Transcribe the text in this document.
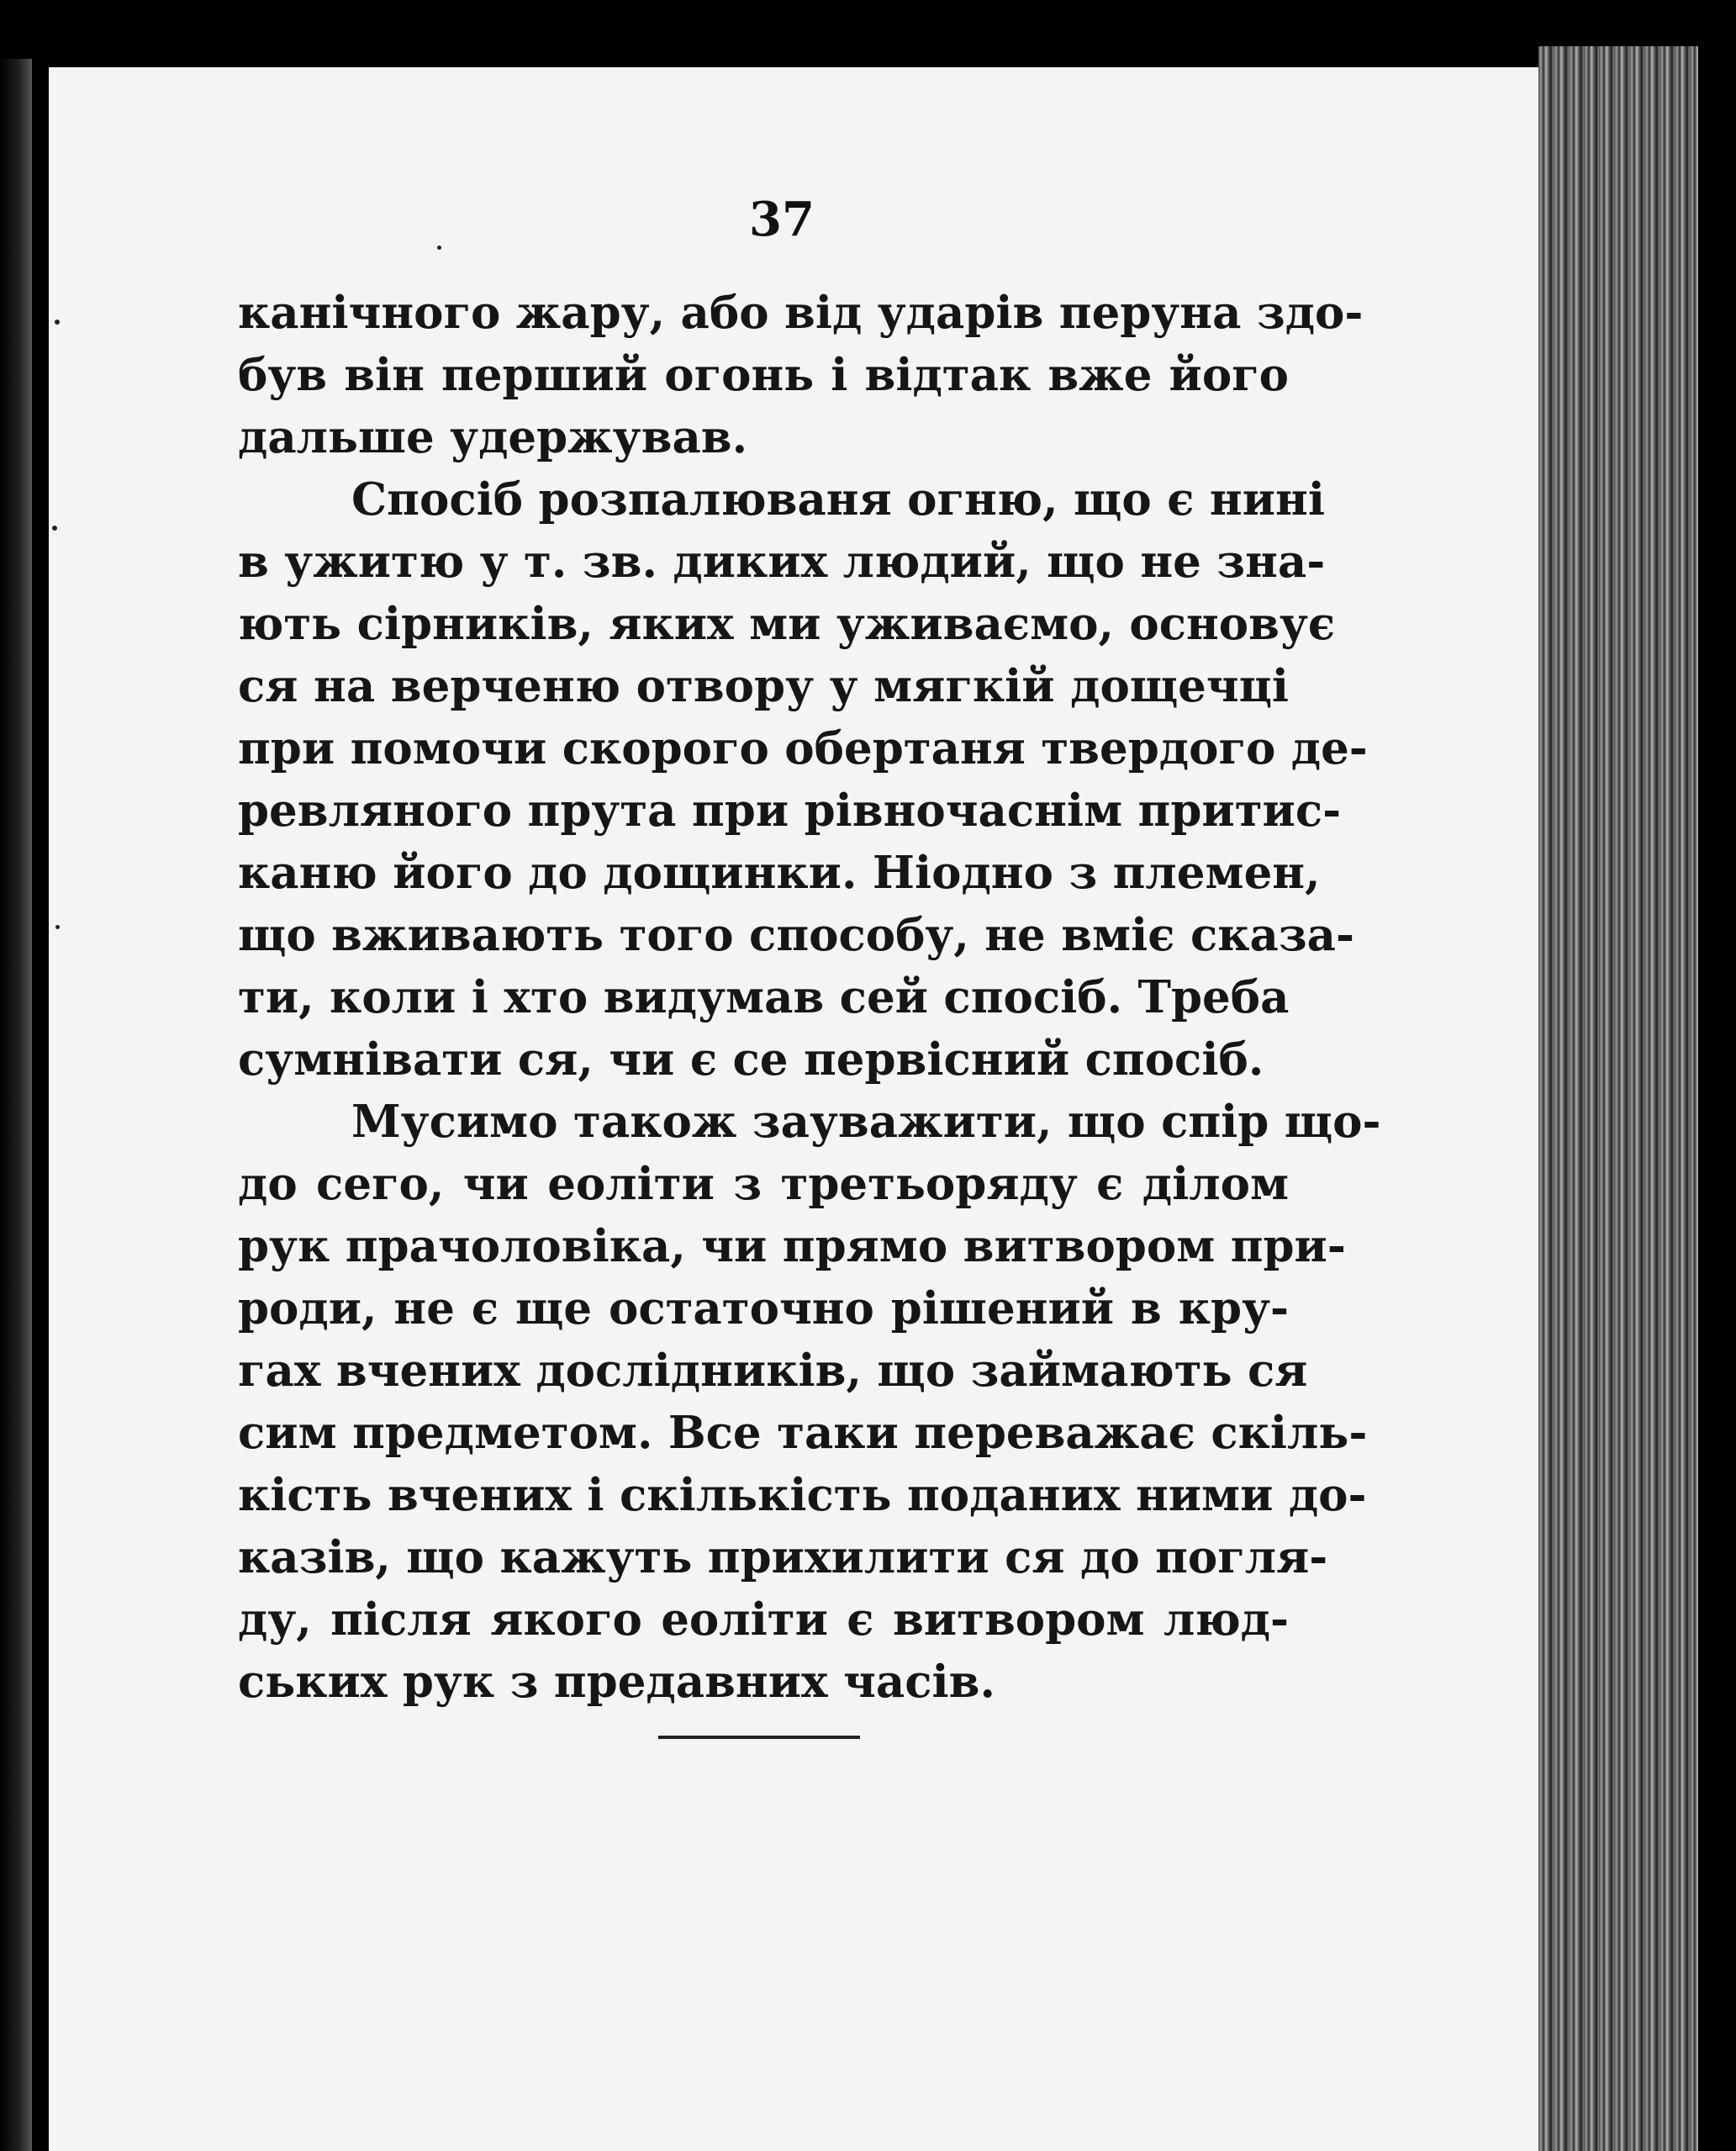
37
канічного жару, або від ударів перуна здо-
був він перший огонь і відтак вже його
дальше удержував.
Спосіб розпалюваня огню, що є нині
в ужитю у т. зв. диких людий, що не зна-
ють сірників, яких ми уживаємо, основує
ся на верченю отвору у мягкій дощечці
при помочи скорого обертаня твердого де-
ревляного прута при рівночаснім притис-
каню його до дощинки. Ніодно з племен,
що вживають того способу, не вміє сказа-
ти, коли і хто видумав сей спосіб. Треба
сумнівати ся, чи є се первісний спосіб.
Мусимо також зауважити, що спір що-
до сего, чи еоліти з третьоряду є ділом
рук прачоловіка, чи прямо витвором при-
роди, не є ще остаточно рішений в кру-
гах вчених дослідників, що займають ся
сим предметом. Все таки переважає скіль-
кість вчених і скількість поданих ними до-
казів, що кажуть прихилити ся до погля-
ду, після якого еоліти є витвором люд-
ських рук з предавних часів.
